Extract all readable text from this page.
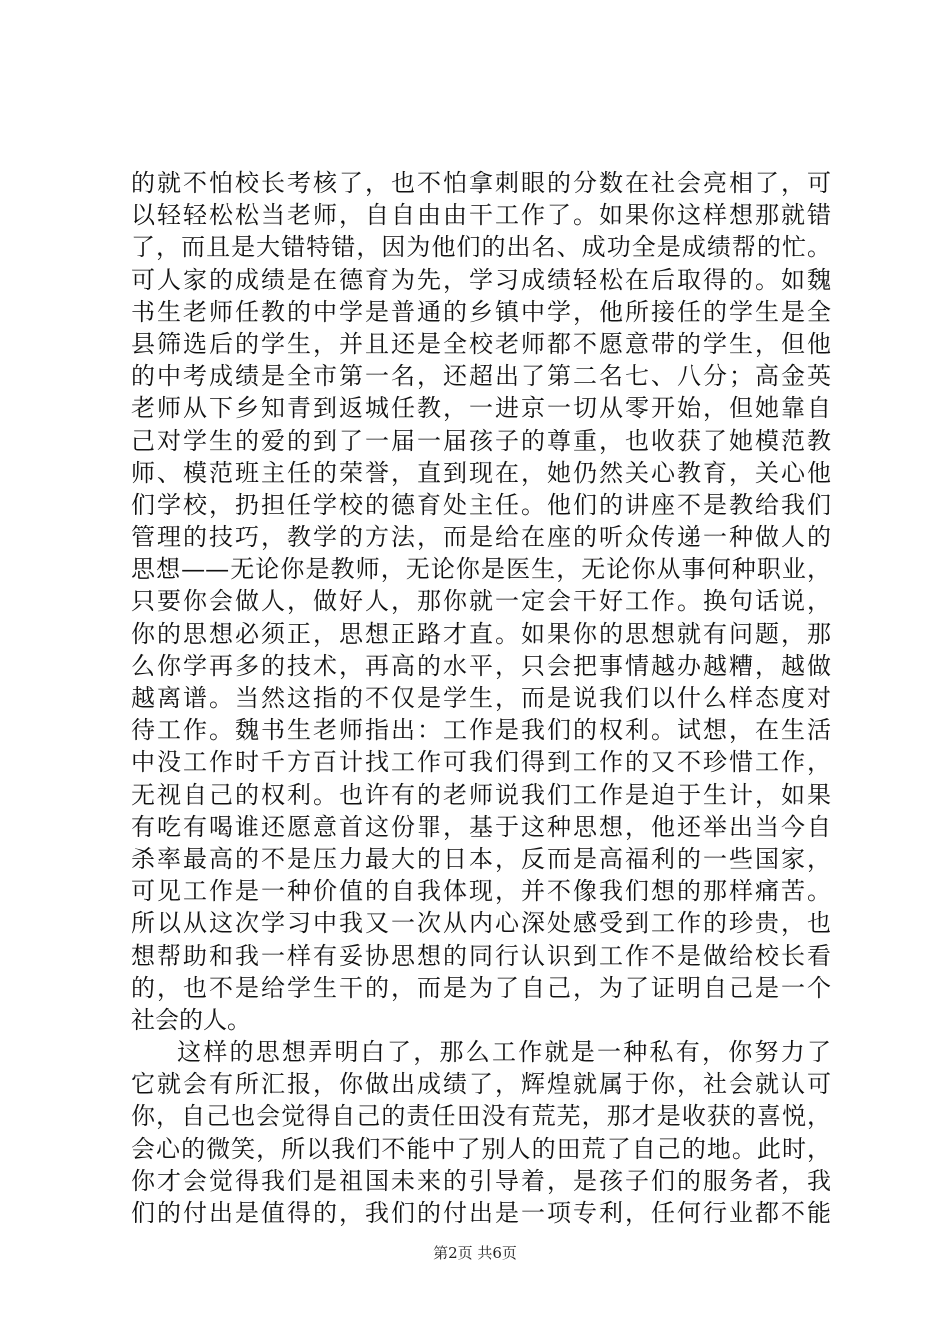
的就不怕校长考核了，也不怕拿刺眼的分数在社会亮相了，可
以轻轻松松当老师，自自由由干工作了。如果你这样想那就错
了，而且是大错特错，因为他们的出名、成功全是成绩帮的忙。
可人家的成绩是在德育为先，学习成绩轻松在后取得的。如魏
书生老师任教的中学是普通的乡镇中学，他所接任的学生是全
县筛选后的学生，并且还是全校老师都不愿意带的学生，但他
的中考成绩是全市第一名，还超出了第二名七、八分；高金英
老师从下乡知青到返城任教，一进京一切从零开始，但她靠自
己对学生的爱的到了一届一届孩子的尊重，也收获了她模范教
师、模范班主任的荣誉，直到现在，她仍然关心教育，关心他
们学校，扔担任学校的德育处主任。他们的讲座不是教给我们
管理的技巧，教学的方法，而是给在座的听众传递一种做人的
思想——无论你是教师，无论你是医生，无论你从事何种职业，
只要你会做人，做好人，那你就一定会干好工作。换句话说，
你的思想必须正，思想正路才直。如果你的思想就有问题，那
么你学再多的技术，再高的水平，只会把事情越办越糟，越做
越离谱。当然这指的不仅是学生，而是说我们以什么样态度对
待工作。魏书生老师指出：工作是我们的权利。试想，在生活
中没工作时千方百计找工作可我们得到工作的又不珍惜工作，
无视自己的权利。也许有的老师说我们工作是迫于生计，如果
有吃有喝谁还愿意首这份罪，基于这种思想，他还举出当今自
杀率最高的不是压力最大的日本，反而是高福利的一些国家，
可见工作是一种价值的自我体现，并不像我们想的那样痛苦。
所以从这次学习中我又一次从内心深处感受到工作的珍贵，也
想帮助和我一样有妥协思想的同行认识到工作不是做给校长看
的，也不是给学生干的，而是为了自己，为了证明自己是一个
社会的人。
这样的思想弄明白了，那么工作就是一种私有，你努力了
它就会有所汇报，你做出成绩了，辉煌就属于你，社会就认可
你，自己也会觉得自己的责任田没有荒芜，那才是收获的喜悦，
会心的微笑，所以我们不能中了别人的田荒了自己的地。此时，
你才会觉得我们是祖国未来的引导着，是孩子们的服务者，我
们的付出是值得的，我们的付出是一项专利，任何行业都不能
第2页 共6页
